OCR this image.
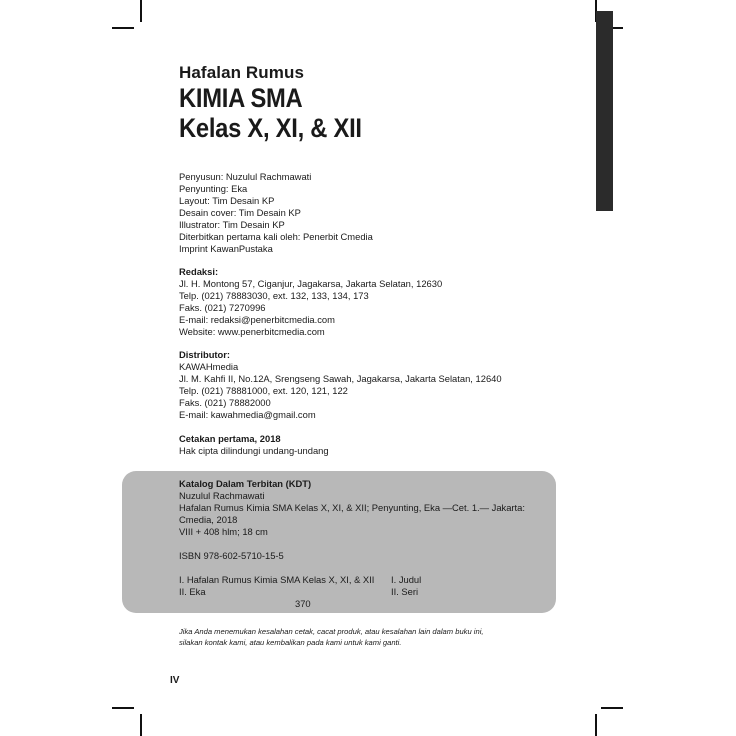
Hafalan Rumus
KIMIA SMA
Kelas X, XI, & XII
Penyusun: Nuzulul Rachmawati
Penyunting: Eka
Layout: Tim Desain KP
Desain cover: Tim Desain KP
Illustrator: Tim Desain KP
Diterbitkan pertama kali oleh: Penerbit Cmedia
Imprint KawanPustaka
Redaksi:
Jl. H. Montong 57, Ciganjur, Jagakarsa, Jakarta Selatan, 12630
Telp. (021) 78883030, ext. 132, 133, 134, 173
Faks. (021) 7270996
E-mail: redaksi@penerbitcmedia.com
Website: www.penerbitcmedia.com
Distributor:
KAWAHmedia
Jl. M. Kahfi II, No.12A, Srengseng Sawah, Jagakarsa, Jakarta Selatan, 12640
Telp. (021) 78881000, ext. 120, 121, 122
Faks. (021) 78882000
E-mail: kawahmedia@gmail.com
Cetakan pertama, 2018
Hak cipta dilindungi undang-undang
Katalog Dalam Terbitan (KDT)
Nuzulul Rachmawati
Hafalan Rumus Kimia SMA Kelas X, XI, & XII; Penyunting, Eka —Cet. 1.— Jakarta:
Cmedia, 2018
VIII + 408 hlm; 18 cm
ISBN 978-602-5710-15-5
I. Hafalan Rumus Kimia SMA Kelas X, XI, & XII I. Judul
II. Eka	II. Seri
370
Jika Anda menemukan kesalahan cetak, cacat produk, atau kesalahan lain dalam buku ini,
silakan kontak kami, atau kembalikan pada kami untuk kami ganti.
IV
